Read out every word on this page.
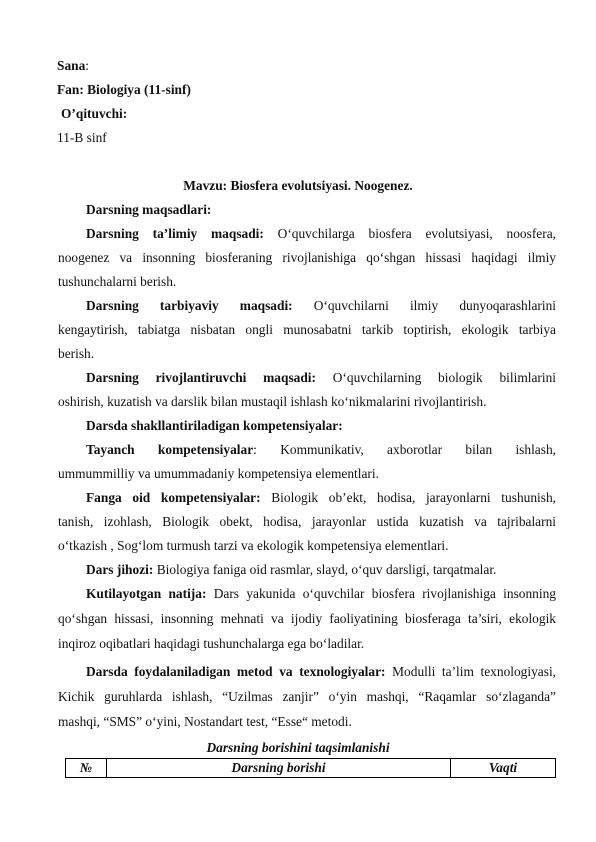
Sana:
Fan: Biologiya (11-sinf)
O’qituvchi:
11-B sinf
Mavzu: Biosfera evolutsiyasi. Noogenez.
Darsning maqsadlari:
Darsning ta’limiy maqsadi: O‘quvchilarga biosfera evolutsiyasi, noosfera,
noogenez va insonning biosferaning rivojlanishiga qo‘shgan hissasi haqidagi ilmiy
tushunchalarni berish.
Darsning tarbiyaviy maqsadi: O‘quvchilarni ilmiy dunyoqarashlarini
kengaytirish, tabiatga nisbatan ongli munosabatni tarkib toptirish, ekologik tarbiya
berish.
Darsning rivojlantiruvchi maqsadi: O‘quvchilarning biologik bilimlarini
oshirish, kuzatish va darslik bilan mustaqil ishlash ko‘nikmalarini rivojlantirish.
Darsda shakllantiriladigan kompetensiyalar:
Tayanch kompetensiyalar: Kommunikativ, axborotlar bilan ishlash,
ummummilliy va umummadaniy kompetensiya elementlari.
Fanga oid kompetensiyalar: Biologik ob’ekt, hodisa, jarayonlarni tushunish,
tanish, izohlash, Biologik obekt, hodisa, jarayonlar ustida kuzatish va tajribalarni
o‘tkazish , Sog‘lom turmush tarzi va ekologik kompetensiya elementlari.
Dars jihozi: Biologiya faniga oid rasmlar, slayd, o‘quv darsligi, tarqatmalar.
Kutilayotgan natija: Dars yakunida o‘quvchilar biosfera rivojlanishiga insonning
qo‘shgan hissasi, insonning mehnati va ijodiy faoliyatining biosferaga ta’siri, ekologik
inqiroz oqibatlari haqidagi tushunchalarga ega bo‘ladilar.
Darsda foydalaniladigan metod va texnologiyalar: Modulli ta’lim texnologiyasi,
Kichik guruhlarda ishlash, “Uzilmas zanjir” o‘yin mashqi, “Raqamlar so‘zlaganda”
mashqi, “SMS” o‘yini, Nostandart test, “Esse“ metodi.
Darsning borishini taqsimlanishi
№	Darsning borishi	Vaqti
